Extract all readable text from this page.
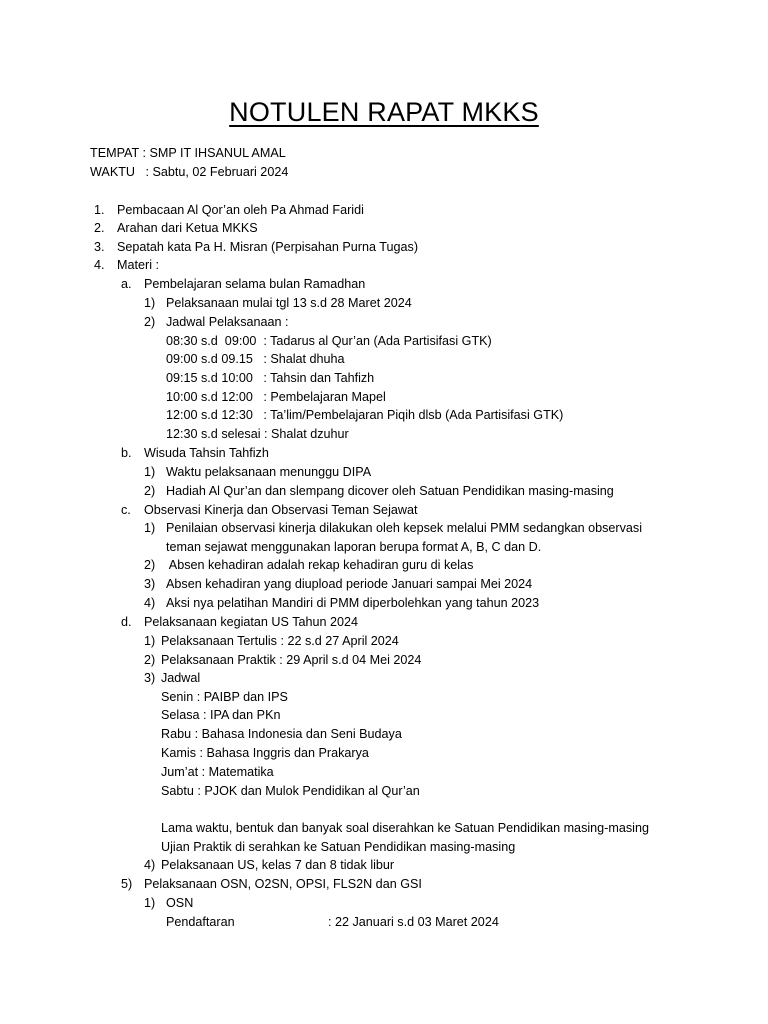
NOTULEN RAPAT MKKS
TEMPAT : SMP IT IHSANUL AMAL
WAKTU   : Sabtu, 02 Februari 2024
1. Pembacaan Al Qor’an oleh Pa Ahmad Faridi
2. Arahan dari Ketua MKKS
3. Sepatah kata Pa H. Misran (Perpisahan Purna Tugas)
4. Materi :
a. Pembelajaran selama bulan Ramadhan
1) Pelaksanaan mulai tgl 13 s.d 28 Maret 2024
2) Jadwal Pelaksanaan :
08:30 s.d  09:00  : Tadarus al Qur’an (Ada Partisifasi GTK)
09:00 s.d 09.15   : Shalat dhuha
09:15 s.d 10:00   : Tahsin dan Tahfizh
10:00 s.d 12:00   : Pembelajaran Mapel
12:00 s.d 12:30   : Ta’lim/Pembelajaran Piqih dlsb (Ada Partisifasi GTK)
12:30 s.d selesai : Shalat dzuhur
b. Wisuda Tahsin Tahfizh
1) Waktu pelaksanaan menunggu DIPA
2) Hadiah Al Qur’an dan slempang dicover oleh Satuan Pendidikan masing-masing
c. Observasi Kinerja dan Observasi Teman Sejawat
1) Penilaian observasi kinerja dilakukan oleh kepsek melalui PMM sedangkan observasi
teman sejawat menggunakan laporan berupa format A, B, C dan D.
2) Absen kehadiran adalah rekap kehadiran guru di kelas
3) Absen kehadiran yang diupload periode Januari sampai Mei 2024
4) Aksi nya pelatihan Mandiri di PMM diperbolehkan yang tahun 2023
d. Pelaksanaan kegiatan US Tahun 2024
1) Pelaksanaan Tertulis : 22 s.d 27 April 2024
2) Pelaksanaan Praktik : 29 April s.d 04 Mei 2024
3) Jadwal
Senin : PAIBP dan IPS
Selasa : IPA dan PKn
Rabu : Bahasa Indonesia dan Seni Budaya
Kamis : Bahasa Inggris dan Prakarya
Jum’at : Matematika
Sabtu : PJOK dan Mulok Pendidikan al Qur’an
Lama waktu, bentuk dan banyak soal diserahkan ke Satuan Pendidikan masing-masing
Ujian Praktik di serahkan ke Satuan Pendidikan masing-masing
4) Pelaksanaan US, kelas 7 dan 8 tidak libur
5) Pelaksanaan OSN, O2SN, OPSI, FLS2N dan GSI
1) OSN
Pendaftaran	: 22 Januari s.d 03 Maret 2024
